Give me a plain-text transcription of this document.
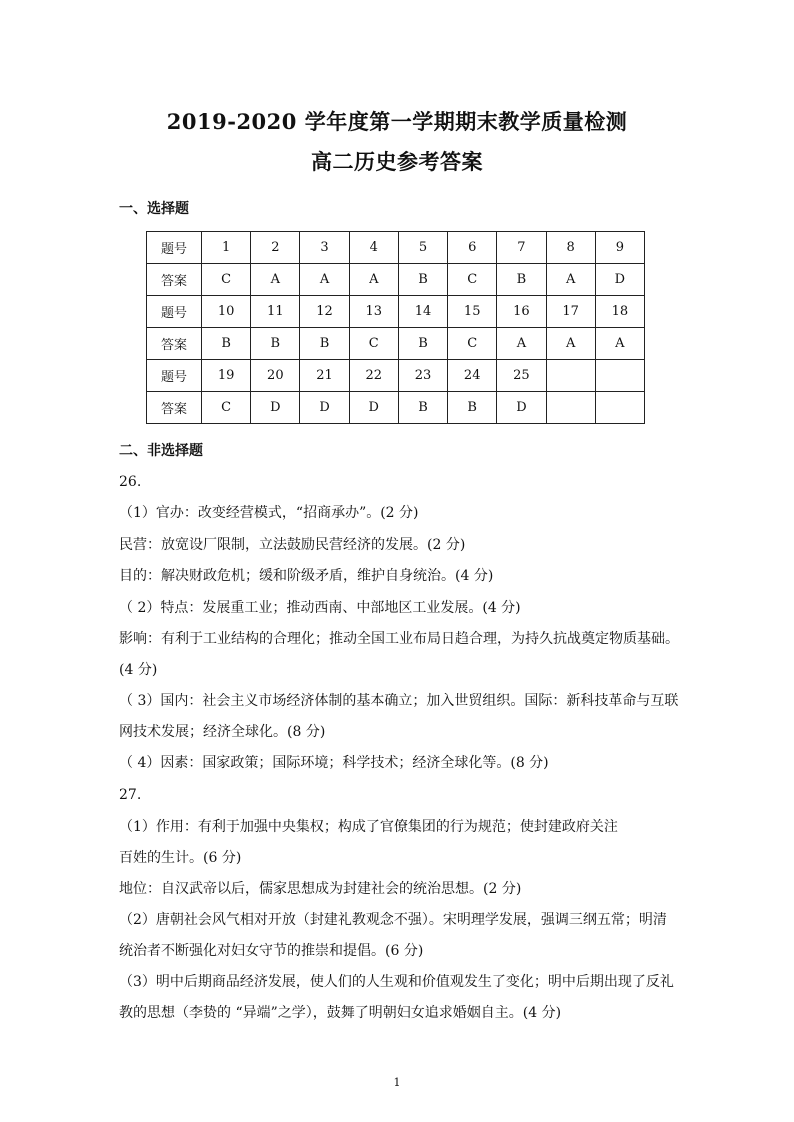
2019-2020 学年度第一学期期末教学质量检测
高二历史参考答案
一、选择题
题号	1	2	3	4	5	6	7	8	9
答案	C	A	A	A	B	C	B	A	D
题号	10	11	12	13	14	15	16	17	18
答案	B	B	B	C	B	C	A	A	A
题号	19	20	21	22	23	24	25		
答案	C	D	D	D	B	B	D		
二、非选择题
26.
（1）官办：改变经营模式，“招商承办”。(2 分)
民营：放宽设厂限制，立法鼓励民营经济的发展。(2 分)
目的：解决财政危机；缓和阶级矛盾，维护自身统治。(4 分)
（ 2）特点：发展重工业；推动西南、中部地区工业发展。(4 分)
影响：有利于工业结构的合理化；推动全国工业布局日趋合理，为持久抗战奠定物质基础。
(4 分)
（ 3）国内：社会主义市场经济体制的基本确立；加入世贸组织。国际：新科技革命与互联
网技术发展；经济全球化。(8 分)
（ 4）因素：国家政策；国际环境；科学技术；经济全球化等。(8 分)
27.
（1）作用：有利于加强中央集权；构成了官僚集团的行为规范；使封建政府关注
百姓的生计。(6 分)
地位：自汉武帝以后，儒家思想成为封建社会的统治思想。(2 分)
（2）唐朝社会风气相对开放（封建礼教观念不强）。宋明理学发展，强调三纲五常；明清
统治者不断强化对妇女守节的推崇和提倡。(6 分)
（3）明中后期商品经济发展，使人们的人生观和价值观发生了变化；明中后期出现了反礼
教的思想（李贽的 “异端”之学），鼓舞了明朝妇女追求婚姻自主。(4 分)
1
